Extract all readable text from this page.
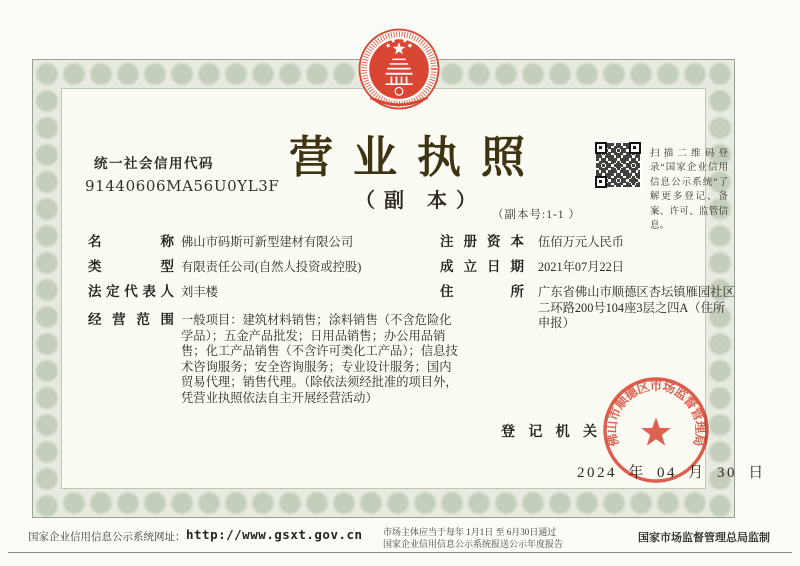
统一社会信用代码
91440606MA56U0YL3F
营业执照
（副 本）
（副本号:1-1 ）
扫描二维码登录“国家企业信用信息公示系统”了解更多登记、备案、许可、监管信息。
名称 佛山市码斯可新型建材有限公司
类型 有限责任公司(自然人投资或控股)
法定代表人 刘丰楼
经营范围 一般项目：建筑材料销售；涂料销售（不含危险化学品）；五金产品批发；日用品销售；办公用品销售；化工产品销售（不含许可类化工产品）；信息技术咨询服务；安全咨询服务；专业设计服务；国内贸易代理；销售代理。（除依法须经批准的项目外，凭营业执照依法自主开展经营活动）
注册资本 伍佰万元人民币
成立日期 2021年07月22日
住所 广东省佛山市顺德区杏坛镇雁园社区二环路200号104座3层之四A（住所申报）
登记机关
2024 年 04 月 30 日
佛山市顺德区市场监督管理局
国家企业信用信息公示系统网址： http://www.gsxt.gov.cn 市场主体应当于每年 1月1日 至 6月30日通过
国家企业信用信息公示系统报送公示年度报告	国家市场监督管理总局监制
